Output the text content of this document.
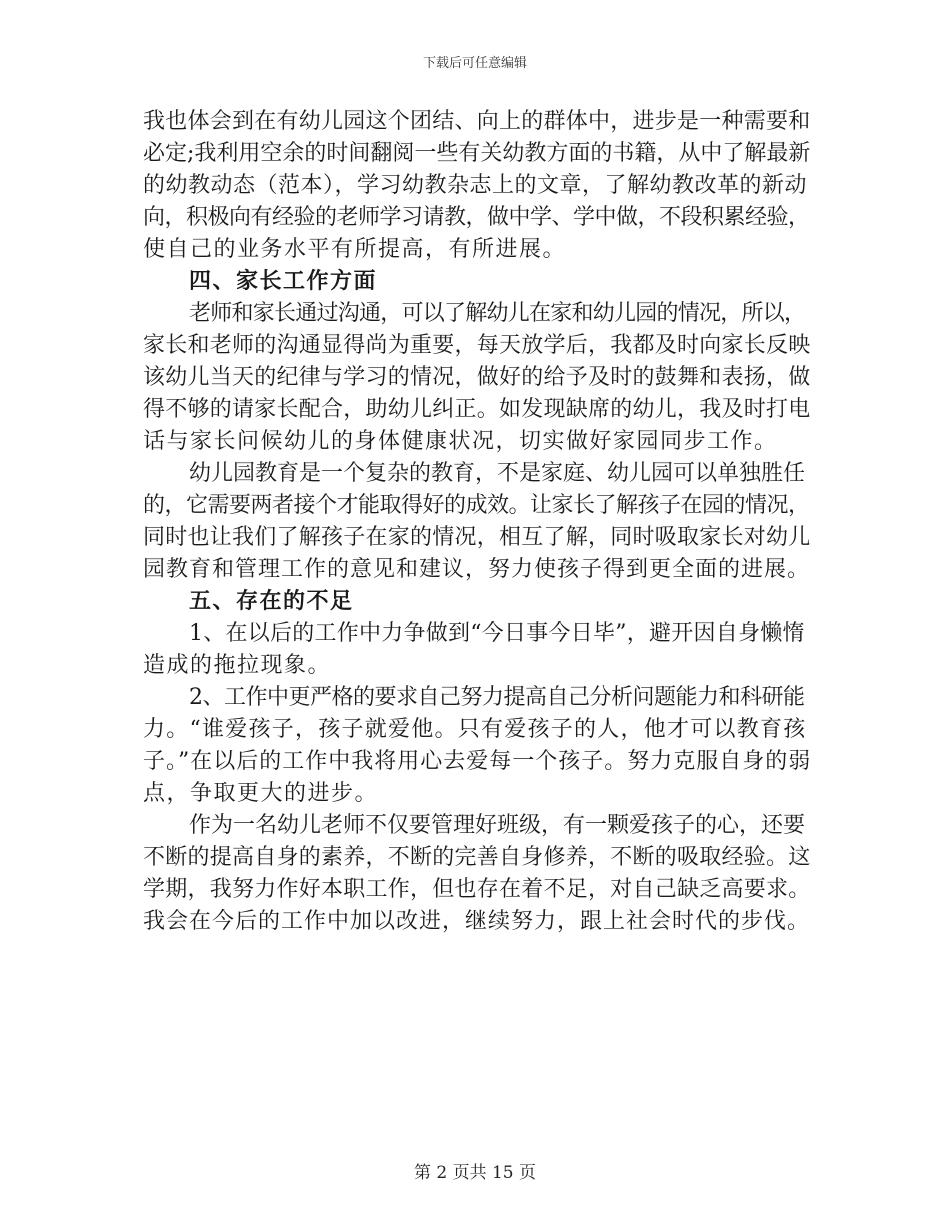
下载后可任意编辑
我也体会到在有幼儿园这个团结、向上的群体中，进步是一种需要和
必定;我利用空余的时间翻阅一些有关幼教方面的书籍，从中了解最新
的幼教动态（范本），学习幼教杂志上的文章，了解幼教改革的新动
向，积极向有经验的老师学习请教，做中学、学中做，不段积累经验，
使自己的业务水平有所提高，有所进展。
四、家长工作方面
老师和家长通过沟通，可以了解幼儿在家和幼儿园的情况，所以，
家长和老师的沟通显得尚为重要，每天放学后，我都及时向家长反映
该幼儿当天的纪律与学习的情况，做好的给予及时的鼓舞和表扬，做
得不够的请家长配合，助幼儿纠正。如发现缺席的幼儿，我及时打电
话与家长问候幼儿的身体健康状况，切实做好家园同步工作。
幼儿园教育是一个复杂的教育，不是家庭、幼儿园可以单独胜任
的，它需要两者接个才能取得好的成效。让家长了解孩子在园的情况，
同时也让我们了解孩子在家的情况，相互了解，同时吸取家长对幼儿
园教育和管理工作的意见和建议，努力使孩子得到更全面的进展。
五、存在的不足
1、在以后的工作中力争做到“今日事今日毕”，避开因自身懒惰
造成的拖拉现象。
2、工作中更严格的要求自己努力提高自己分析问题能力和科研能
力。“谁爱孩子，孩子就爱他。只有爱孩子的人，他才可以教育孩
子。”在以后的工作中我将用心去爱每一个孩子。努力克服自身的弱
点，争取更大的进步。
作为一名幼儿老师不仅要管理好班级，有一颗爱孩子的心，还要
不断的提高自身的素养，不断的完善自身修养，不断的吸取经验。这
学期，我努力作好本职工作，但也存在着不足，对自己缺乏高要求。
我会在今后的工作中加以改进，继续努力，跟上社会时代的步伐。
第 2 页共 15 页
